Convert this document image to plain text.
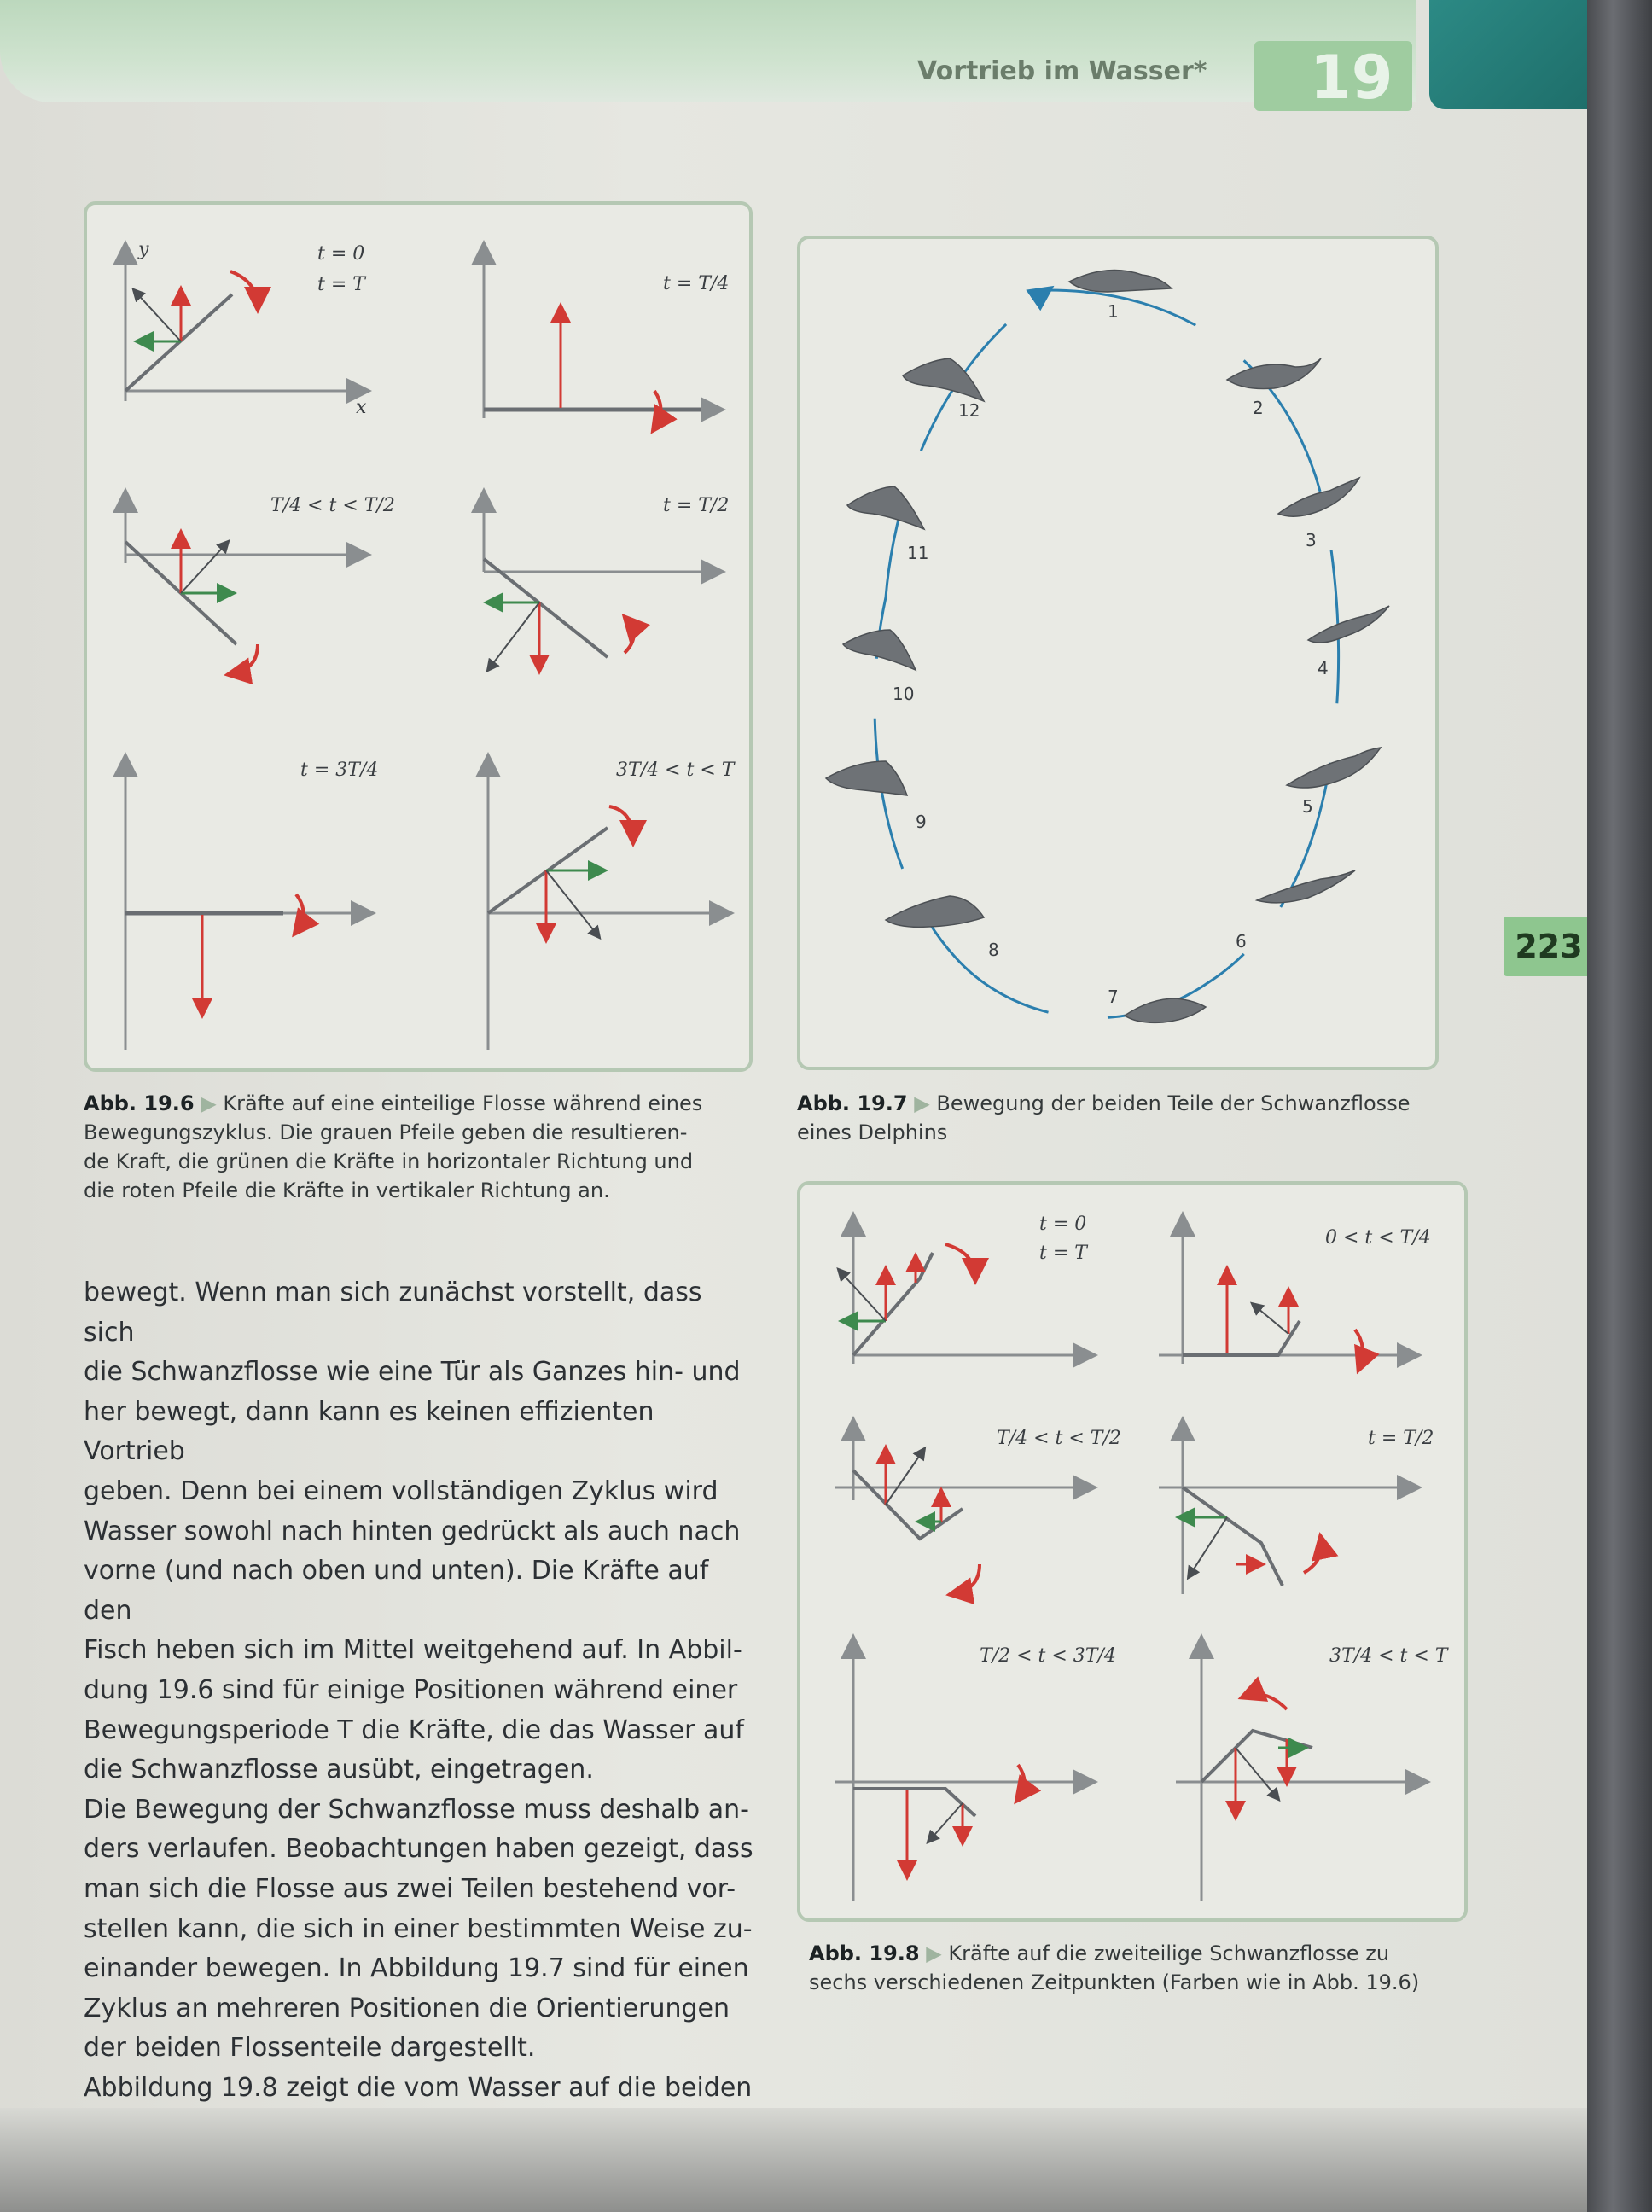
Vortrieb im Wasser* 19
223
t = 0
t = T	t = T/4
T/4 < t < T/2	t = T/2
t = 3T/4	3T/4 < t < T
y
x
Abb. 19.6 ▶ Kräfte auf eine einteilige Flosse während eines
Bewegungszyklus. Die grauen Pfeile geben die resultieren-
de Kraft, die grünen die Kräfte in horizontaler Richtung und
die roten Pfeile die Kräfte in vertikaler Richtung an.
1
2
3
4
5
6
7
8
9
10
11
12
Abb. 19.7 ▶ Bewegung der beiden Teile der Schwanzflosse
eines Delphins
t = 0
t = T
0 < t < T/4
T/4 < t < T/2	t = T/2
T/2 < t < 3T/4	3T/4 < t < T
Abb. 19.8 ▶ Kräfte auf die zweiteilige Schwanzflosse zu
sechs verschiedenen Zeitpunkten (Farben wie in Abb. 19.6)

bewegt. Wenn man sich zunächst vorstellt, dass sich

die Schwanzflosse wie eine Tür als Ganzes hin- und

her bewegt, dann kann es keinen effizienten Vortrieb

geben. Denn bei einem vollständigen Zyklus wird

Wasser sowohl nach hinten gedrückt als auch nach

vorne (und nach oben und unten). Die Kräfte auf den

Fisch heben sich im Mittel weitgehend auf. In Abbil-

dung 19.6 sind für einige Positionen während einer

Bewegungsperiode T die Kräfte, die das Wasser auf

die Schwanzflosse ausübt, eingetragen.

Die Bewegung der Schwanzflosse muss deshalb an-

ders verlaufen. Beobachtungen haben gezeigt, dass

man sich die Flosse aus zwei Teilen bestehend vor-

stellen kann, die sich in einer bestimmten Weise zu-

einander bewegen. In Abbildung 19.7 sind für einen

Zyklus an mehreren Positionen die Orientierungen

der beiden Flossenteile dargestellt.

Abbildung 19.8 zeigt die vom Wasser auf die beiden
